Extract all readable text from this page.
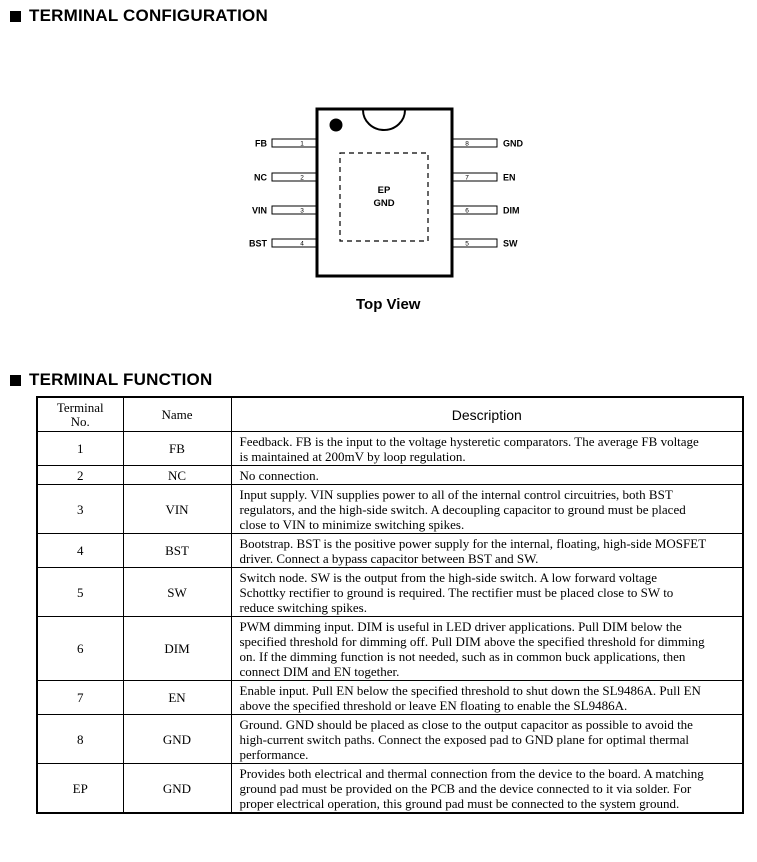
TERMINAL CONFIGURATION
1
FB
2
NC
3
VIN
4
BST
8	GND
7	EN
6	DIM
5	SW
EP
GND
Top View
TERMINAL FUNCTION
Terminal
No.	Name	Description
1	FB	Feedback. FB is the input to the voltage hysteretic comparators. The average FB voltage
is maintained at 200mV by loop regulation.
2	NC	No connection.
3	VIN	Input supply. VIN supplies power to all of the internal control circuitries, both BST
regulators, and the high-side switch. A decoupling capacitor to ground must be placed
close to VIN to minimize switching spikes.
4	BST	Bootstrap. BST is the positive power supply for the internal, floating, high-side MOSFET
driver. Connect a bypass capacitor between BST and SW.
5	SW	Switch node. SW is the output from the high-side switch. A low forward voltage
Schottky rectifier to ground is required. The rectifier must be placed close to SW to
reduce switching spikes.
6	DIM	PWM dimming input. DIM is useful in LED driver applications. Pull DIM below the
specified threshold for dimming off. Pull DIM above the specified threshold for dimming
on. If the dimming function is not needed, such as in common buck applications, then
connect DIM and EN together.
7	EN	Enable input. Pull EN below the specified threshold to shut down the SL9486A. Pull EN
above the specified threshold or leave EN floating to enable the SL9486A.
8	GND	Ground. GND should be placed as close to the output capacitor as possible to avoid the
high-current switch paths. Connect the exposed pad to GND plane for optimal thermal
performance.
EP	GND	Provides both electrical and thermal connection from the device to the board. A matching
ground pad must be provided on the PCB and the device connected to it via solder. For
proper electrical operation, this ground pad must be connected to the system ground.
